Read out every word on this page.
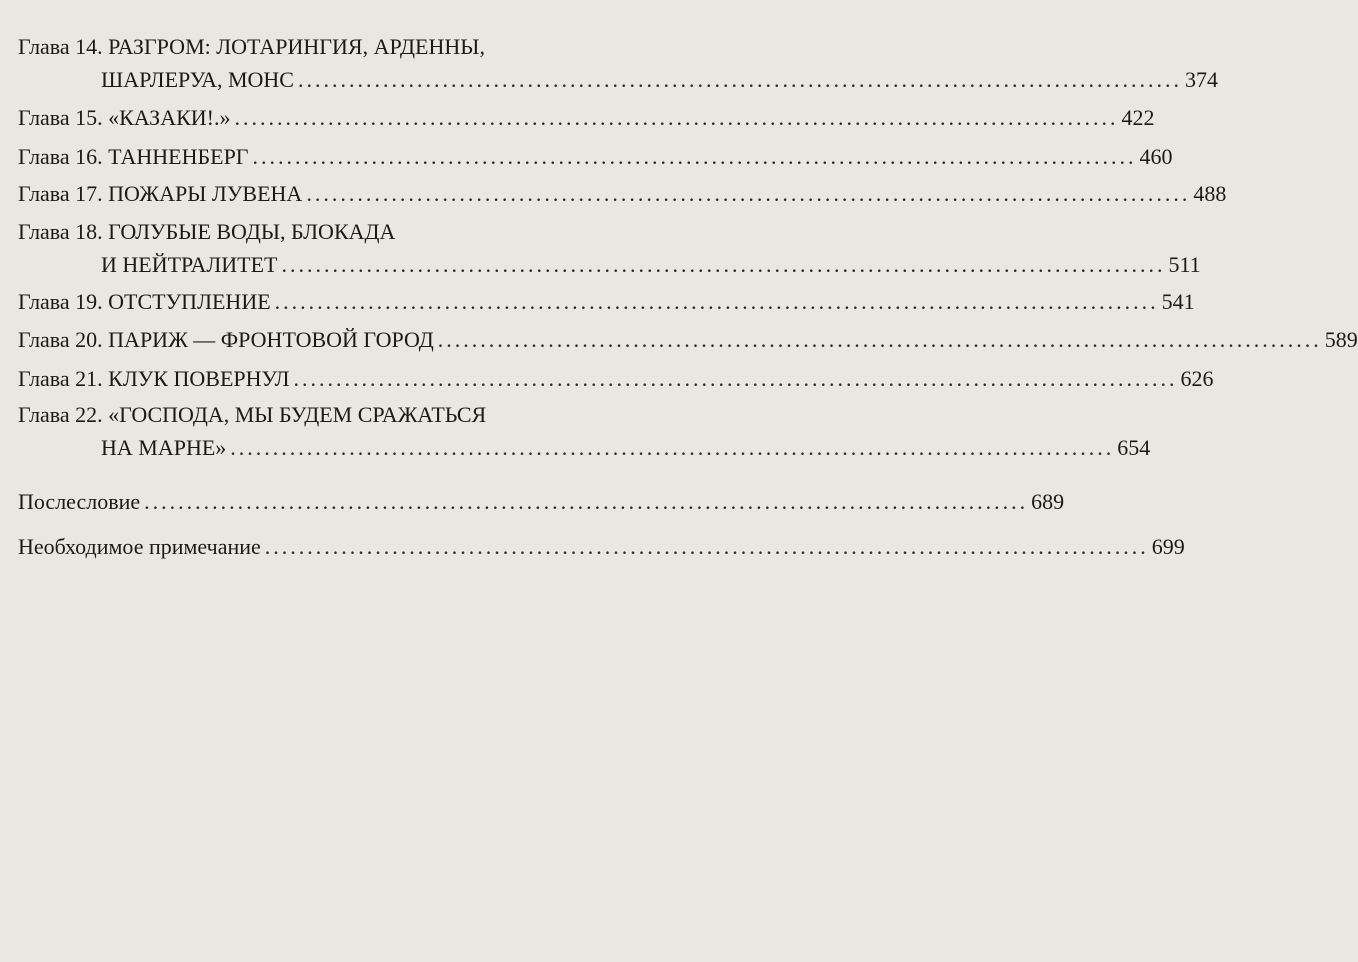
Глава 14. РАЗГРОМ: ЛОТАРИНГИЯ, АРДЕННЫ,
ШАРЛЕРУА, МОНС ........................................................................................................ 374
Глава 15. «КАЗАКИ!.» ........................................................................................................ 422
Глава 16. ТАННЕНБЕРГ ........................................................................................................ 460
Глава 17. ПОЖАРЫ ЛУВЕНА ........................................................................................................ 488
Глава 18. ГОЛУБЫЕ ВОДЫ, БЛОКАДА
И НЕЙТРАЛИТЕТ ........................................................................................................ 511
Глава 19. ОТСТУПЛЕНИЕ ........................................................................................................ 541
Глава 20. ПАРИЖ — ФРОНТОВОЙ ГОРОД ........................................................................................................ 589
Глава 21. КЛУК ПОВЕРНУЛ ........................................................................................................ 626
Глава 22. «ГОСПОДА, МЫ БУДЕМ СРАЖАТЬСЯ
НА МАРНЕ» ........................................................................................................ 654
Послесловие ........................................................................................................ 689
Необходимое примечание ........................................................................................................ 699
